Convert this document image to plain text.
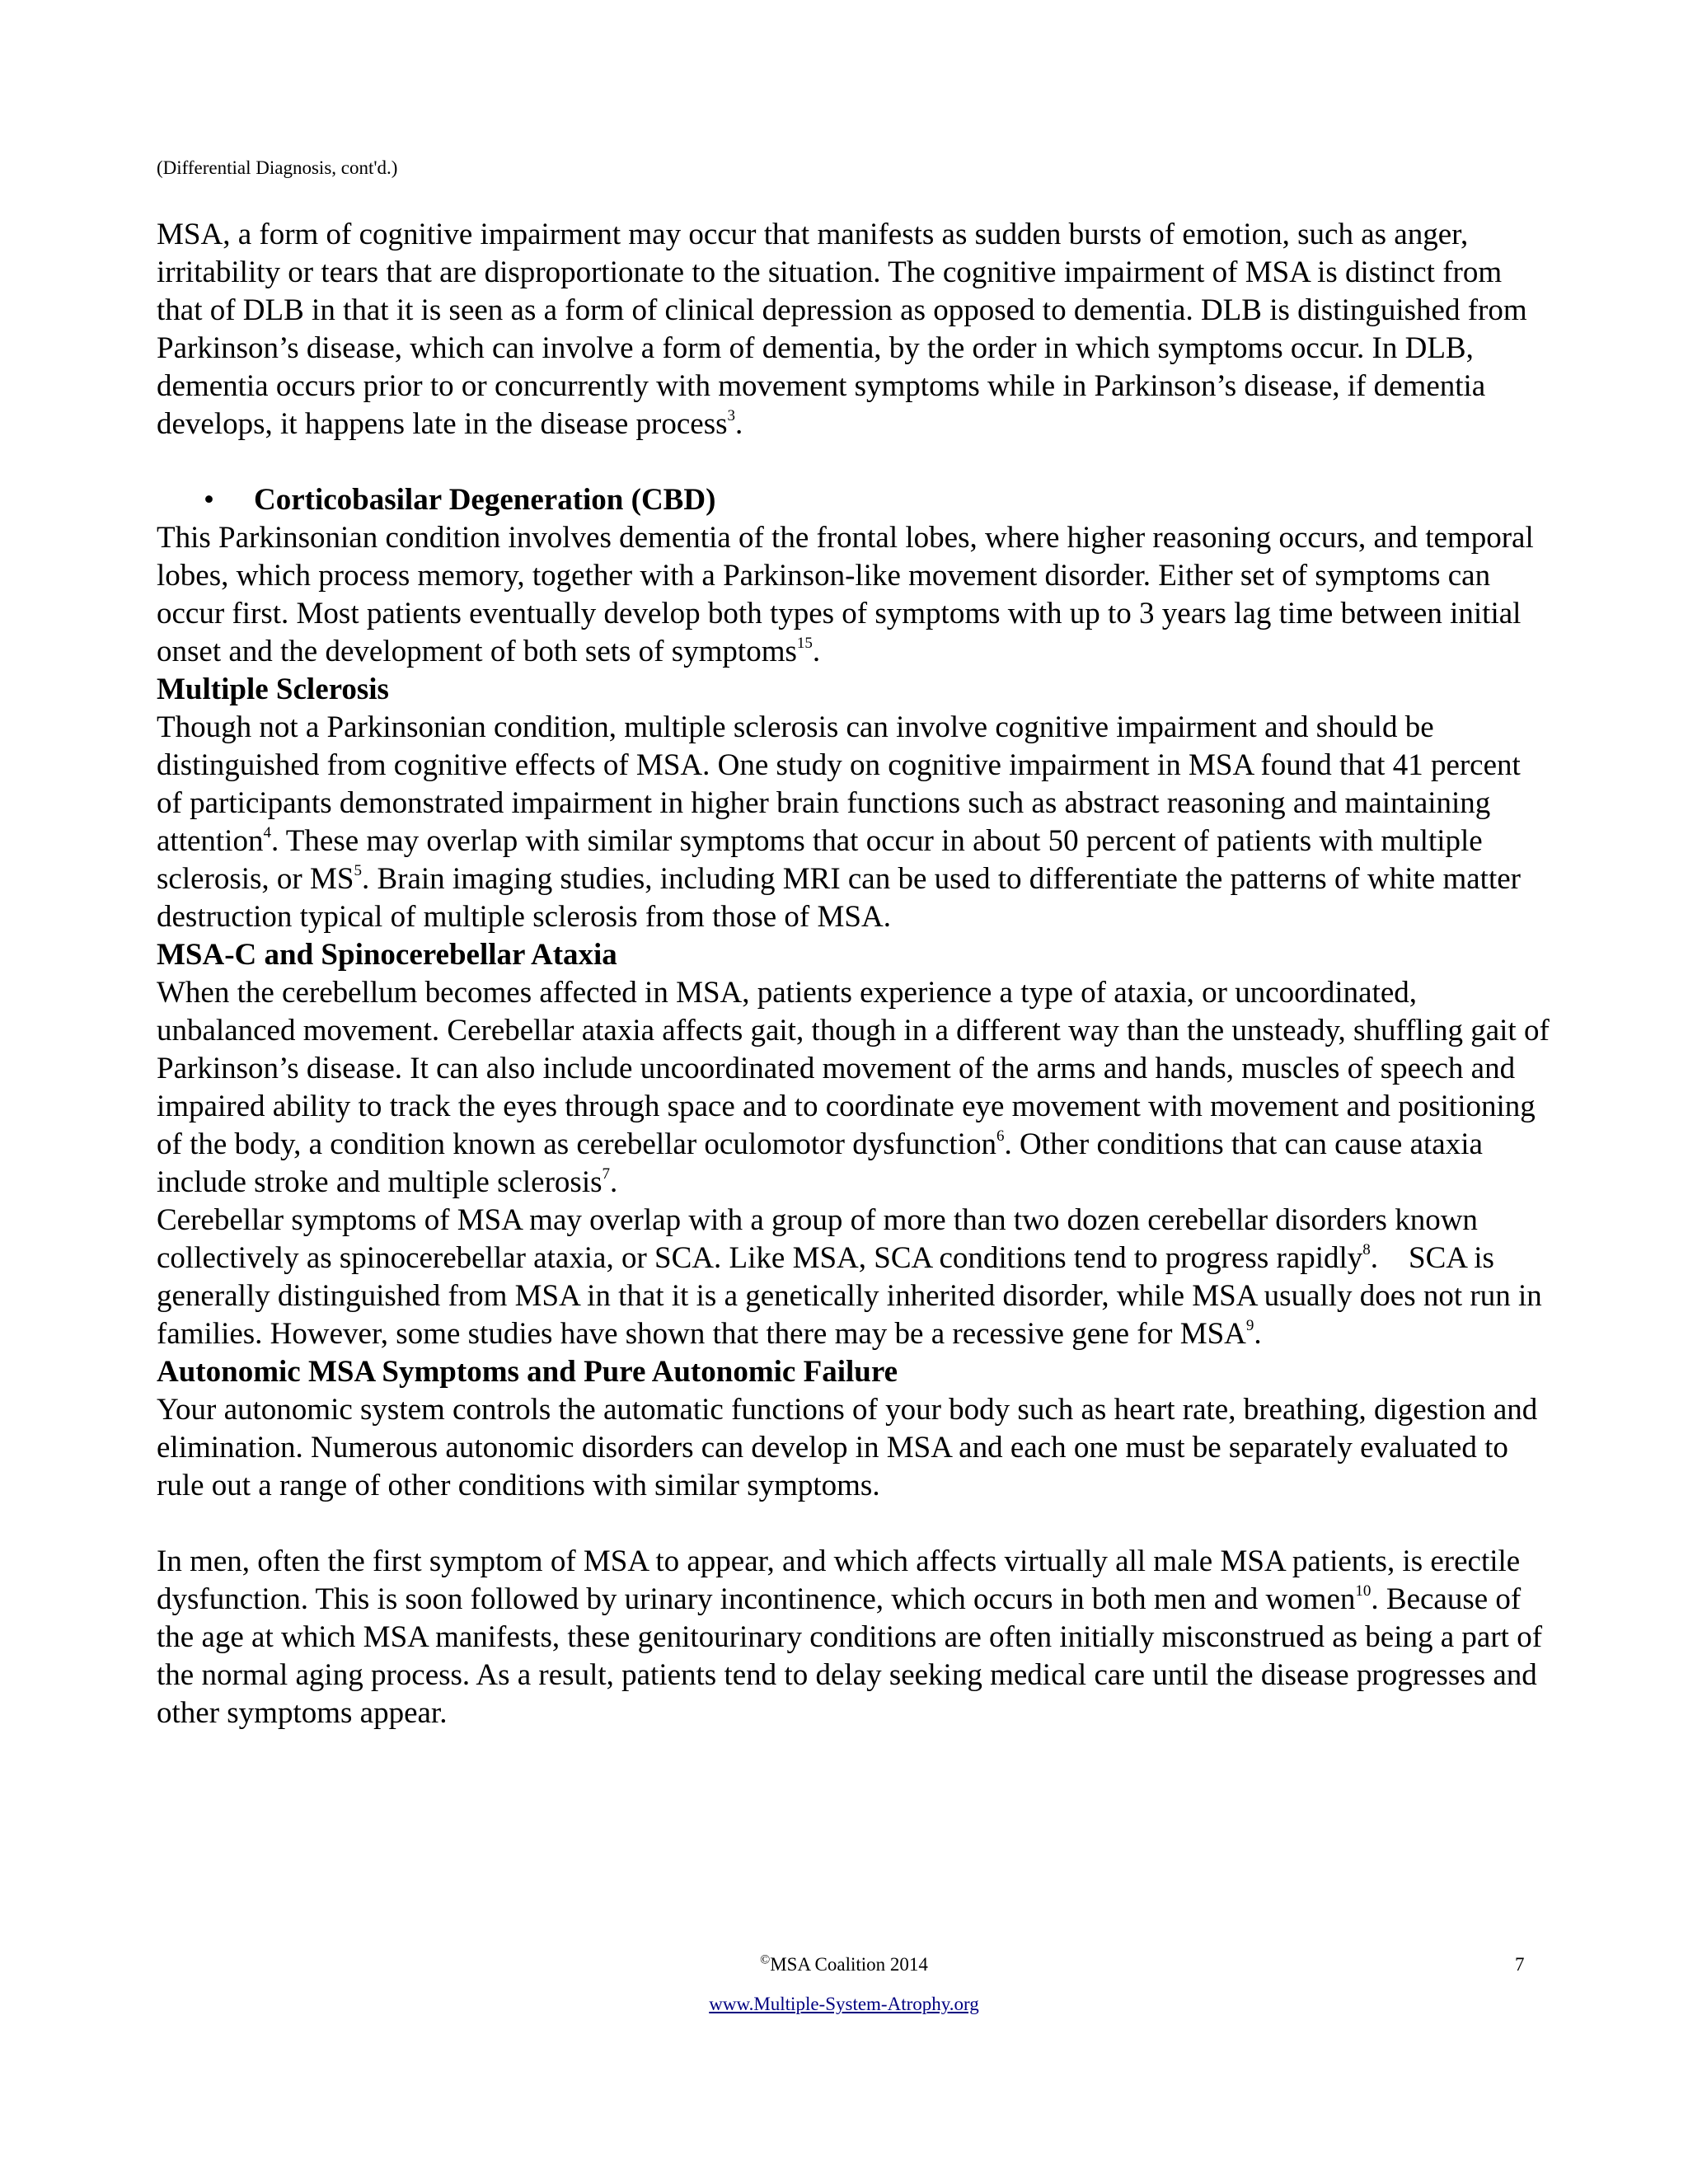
(Differential Diagnosis, cont'd.)

MSA, a form of cognitive impairment may occur that manifests as sudden bursts of emotion, such as anger, irritability or tears that are disproportionate to the situation. The cognitive impairment of MSA is distinct from that of DLB in that it is seen as a form of clinical depression as opposed to dementia. DLB is distinguished from Parkinson’s disease, which can involve a form of dementia, by the order in which symptoms occur. In DLB, dementia occurs prior to or concurrently with movement symptoms while in Parkinson’s disease, if dementia develops, it happens late in the disease process$^3$.

• Corticobasilar Degeneration (CBD)

This Parkinsonian condition involves dementia of the frontal lobes, where higher reasoning occurs, and temporal lobes, which process memory, together with a Parkinson-like movement disorder. Either set of symptoms can occur first. Most patients eventually develop both types of symptoms with up to 3 years lag time between initial onset and the development of both sets of symptoms$^{15}$.

Multiple Sclerosis

Though not a Parkinsonian condition, multiple sclerosis can involve cognitive impairment and should be distinguished from cognitive effects of MSA. One study on cognitive impairment in MSA found that 41 percent of participants demonstrated impairment in higher brain functions such as abstract reasoning and maintaining attention$^4$. These may overlap with similar symptoms that occur in about 50 percent of patients with multiple sclerosis, or $MS^5$. Brain imaging studies, including MRI can be used to differentiate the patterns of white matter destruction typical of multiple sclerosis from those of MSA.

MSA-C and Spinocerebellar Ataxia

When the cerebellum becomes affected in MSA, patients experience a type of ataxia, or uncoordinated, unbalanced movement. Cerebellar ataxia affects gait, though in a different way than the unsteady, shuffling gait of Parkinson’s disease. It can also include uncoordinated movement of the arms and hands, muscles of speech and impaired ability to track the eyes through space and to coordinate eye movement with movement and positioning of the body, a condition known as cerebellar oculomotor dysfunction$^6$. Other conditions that can cause ataxia include stroke and multiple sclerosis$^7$.

Cerebellar symptoms of MSA may overlap with a group of more than two dozen cerebellar disorders known collectively as spinocerebellar ataxia, or SCA. Like MSA, SCA conditions tend to progress rapidly$^8$.    SCA is generally distinguished from MSA in that it is a genetically inherited disorder, while MSA usually does not run in families. However, some studies have shown that there may be a recessive gene for MSA$^9$.

Autonomic MSA Symptoms and Pure Autonomic Failure

Your autonomic system controls the automatic functions of your body such as heart rate, breathing, digestion and elimination. Numerous autonomic disorders can develop in MSA and each one must be separately evaluated to rule out a range of other conditions with similar symptoms.

In men, often the first symptom of MSA to appear, and which affects virtually all male MSA patients, is erectile dysfunction. This is soon followed by urinary incontinence, which occurs in both men and women$^{10}$. Because of the age at which MSA manifests, these genitourinary conditions are often initially misconstrued as being a part of the normal aging process. As a result, patients tend to delay seeking medical care until the disease progresses and other symptoms appear.

©MSA Coalition 2014	7
www.Multiple-System-Atrophy.org
